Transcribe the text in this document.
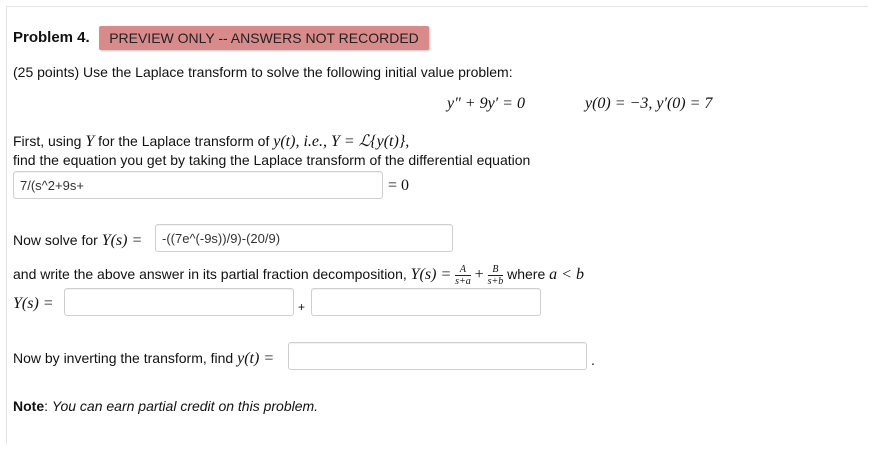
Problem 4.	PREVIEW ONLY -- ANSWERS NOT RECORDED
(25 points) Use the Laplace transform to solve the following initial value problem:
y″ + 9y′ = 0	y(0) = −3, y′(0) = 7
First, using Y for the Laplace transform of y(t), i.e., Y = ℒ{y(t)},
find the equation you get by taking the Laplace transform of the differential equation
7/(s^2+9s+
= 0
Now solve for Y(s) =
-((7e^(-9s))/9)-(20/9)
and write the above answer in its partial fraction decomposition, $Y(s) = \frac{A}{s+a} + \frac{B}{s+b}$ where a < b
Y(s) =	+
Now by inverting the transform, find y(t) =	.
Note: You can earn partial credit on this problem.
